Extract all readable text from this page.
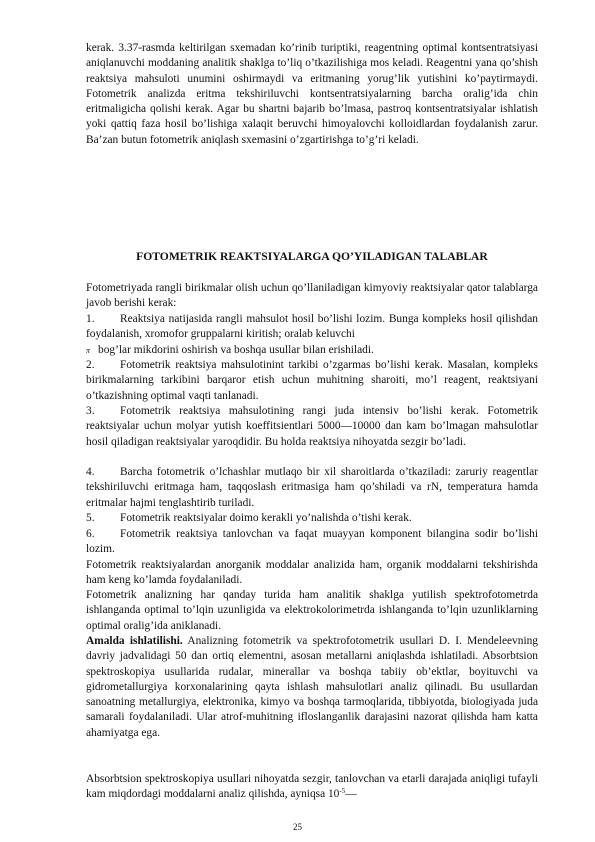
kerak. 3.37-rasmda keltirilgan sxemadan ko’rinib turiptiki, reagentning optimal kontsentratsiyasi aniqlanuvchi moddaning analitik shaklga to’liq o’tkazilishiga mos keladi. Reagentni yana qo’shish reaktsiya mahsuloti unumini oshirmaydi va eritmaning yorug’lik yutishini ko’paytirmaydi. Fotometrik analizda eritma tekshiriluvchi kontsentratsiyalarning barcha oralig’ida chin eritmaligicha qolishi kerak. Agar bu shartni bajarib bo’lmasa, pastroq kontsentratsiyalar ishlatish yoki qattiq faza hosil bo’lishiga xalaqit beruvchi himoyalovchi kolloidlardan foydalanish zarur. Ba’zan butun fotometrik aniqlash sxemasini o’zgartirishga to’g’ri keladi.

FOTOMETRIK REAKTSIYALARGA QO’YILADIGAN TALABLAR

Fotometriyada rangli birikmalar olish uchun qo’llaniladigan kimyoviy reaktsiyalar qator talablarga javob berishi kerak:

1. Reaktsiya natijasida rangli mahsulot hosil bo’lishi lozim. Bunga kompleks hosil qilishdan foydalanish, xromofor gruppalarni kiritish; oralab keluvchi
π bog’lar mikdorini oshirish va boshqa usullar bilan erishiladi.

2. Fotometrik reaktsiya mahsulotinint tarkibi o’zgarmas bo’lishi kerak. Masalan, kompleks birikmalarning tarkibini barqaror etish uchun muhitning sharoiti, mo’l reagent, reaktsiyani o’tkazishning optimal vaqti tanlanadi.

3. Fotometrik reaktsiya mahsulotining rangi juda intensiv bo’lishi kerak. Fotometrik reaktsiyalar uchun molyar yutish koeffitsientlari 5000—10000 dan kam bo’lmagan mahsulotlar hosil qiladigan reaktsiyalar yaroqdidir. Bu holda reaktsiya nihoyatda sezgir bo’ladi.

4. Barcha fotometrik o’lchashlar mutlaqo bir xil sharoitlarda o’tkaziladi: zaruriy reagentlar tekshiriluvchi eritmaga ham, taqqoslash eritmasiga ham qo’shiladi va rN, temperatura hamda eritmalar hajmi tenglashtirib turiladi.

5. Fotometrik reaktsiyalar doimo kerakli yo’nalishda o’tishi kerak.

6. Fotometrik reaktsiya tanlovchan va faqat muayyan komponent bilangina sodir bo’lishi lozim.

Fotometrik reaktsiyalardan anorganik moddalar analizida ham, organik moddalarni tekshirishda ham keng ko’lamda foydalaniladi.

Fotometrik analizning har qanday turida ham analitik shaklga yutilish spektrofotometrda ishlanganda optimal to’lqin uzunligida va elektrokolorimetrda ishlanganda to’lqin uzunliklarning optimal oralig’ida aniklanadi.

Amalda ishlatilishi. Analizning fotometrik va spektrofotometrik usullari D. I. Mendeleevning davriy jadvalidagi 50 dan ortiq elementni, asosan metallarni aniqlashda ishlatiladi. Absorbtsion spektroskopiya usullarida rudalar, minerallar va boshqa tabiiy ob’ektlar, boyituvchi va gidrometallurgiya korxonalarining qayta ishlash mahsulotlari analiz qilinadi. Bu usullardan sanoatning metallurgiya, elektronika, kimyo va boshqa tarmoqlarida, tibbiyotda, biologiyada juda samarali foydalaniladi. Ular atrof-muhitning ifloslanganlik darajasini nazorat qilishda ham katta ahamiyatga ega.

Absorbtsion spektroskopiya usullari nihoyatda sezgir, tanlovchan va etarli darajada aniqligi tufayli kam miqdordagi moddalarni analiz qilishda, ayniqsa $10^{-5}—$

25
